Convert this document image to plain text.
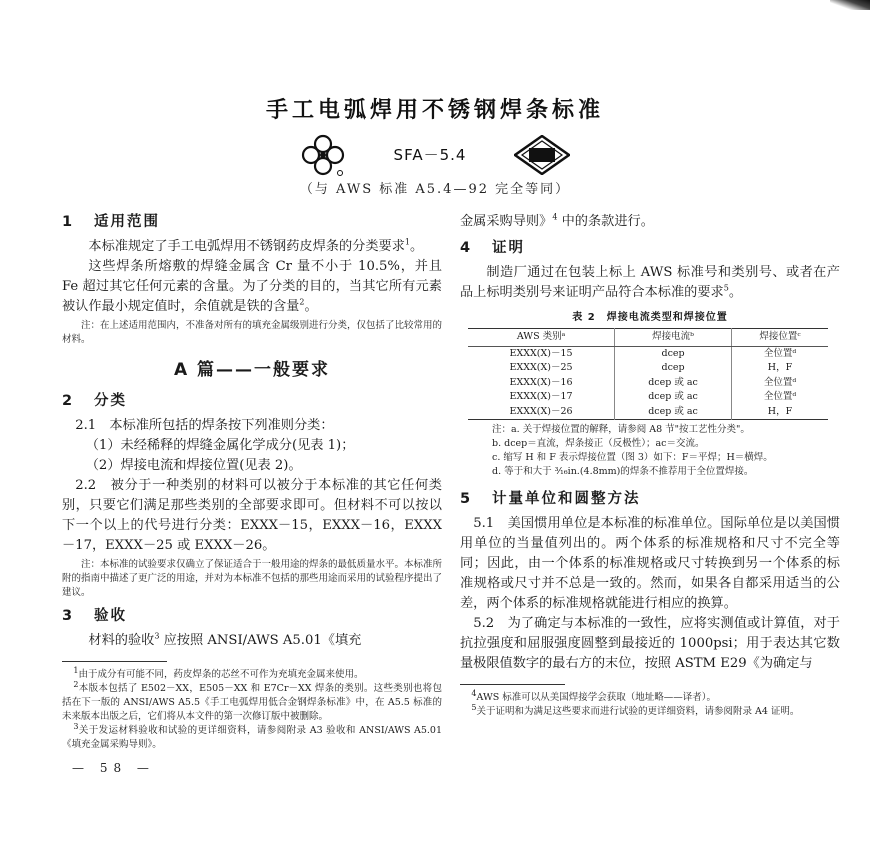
手工电弧焊用不锈钢焊条标准
SFA－5.4
（与 AWS 标准 A5.4—92 完全等同）
1 适用范围

本标准规定了手工电弧焊用不锈钢药皮焊条的分类要求$^1$。

这些焊条所熔敷的焊缝金属含 Cr 量不小于 10.5%，并且 Fe 超过其它任何元素的含量。为了分类的目的，当其它所有元素被认作最小规定值时，余值就是铁的含量$^2$。

注：在上述适用范围内，不准备对所有的填充金属级别进行分类，仅包括了比较常用的材料。

A 篇——一般要求
2 分类

2.1　本标准所包括的焊条按下列准则分类：

（1）未经稀释的焊缝金属化学成分(见表 1)；

（2）焊接电流和焊接位置(见表 2)。

2.2　被分于一种类别的材料可以被分于本标准的其它任何类别，只要它们满足那些类别的全部要求即可。但材料不可以按以下一个以上的代号进行分类：EXXX－15，EXXX－16，EXXX－17，EXXX－25 或 EXXX－26。

注：本标准的试验要求仅确立了保证适合于一般用途的焊条的最低质量水平。本标准所附的指南中描述了更广泛的用途，并对为本标准不包括的那些用途而采用的试验程序提出了建议。

3 验收

材料的验收$^3$ 应按照 ANSI/AWS A5.01《填充

$^1$由于成分有可能不同，药皮焊条的芯丝不可作为充填充金属来使用。

$^2$本版本包括了 E502－XX，E505－XX 和 E7Cr－XX 焊条的类别。这些类别也将包括在下一版的 ANSI/AWS A5.5《手工电弧焊用低合金钢焊条标准》中，在 A5.5 标准的未来版本出版之后，它们将从本文件的第一次修订版中被删除。

$^3$关于发运材料验收和试验的更详细资料，请参阅附录 A3 验收和 ANSI/AWS A5.01《填充金属采购导则》。

— 58 —

金属采购导则》$^4$ 中的条款进行。

4 证明

制造厂通过在包装上标上 AWS 标准号和类别号、或者在产品上标明类别号来证明产品符合本标准的要求$^5$。

表 2　焊接电流类型和焊接位置
AWS 类别ᵃ	焊接电流ᵇ	焊接位置ᶜ
EXXX(X)－15	dcep	全位置ᵈ
EXXX(X)－25	dcep	H，F
EXXX(X)－16	dcep 或 ac	全位置ᵈ
EXXX(X)－17	dcep 或 ac	全位置ᵈ
EXXX(X)－26	dcep 或 ac	H，F
注：a. 关于焊接位置的解释，请参阅 A8 节"按工艺性分类"。
b. dcep＝直流，焊条接正（反极性）；ac＝交流。
c. 缩写 H 和 F 表示焊接位置（图 3）如下：F＝平焊；H＝横焊。
d. 等于和大于 ³⁄₁₆in.(4.8mm)的焊条不推荐用于全位置焊接。
5 计量单位和圆整方法

5.1　美国惯用单位是本标准的标准单位。国际单位是以美国惯用单位的当量值列出的。两个体系的标准规格和尺寸不完全等同；因此，由一个体系的标准规格或尺寸转换到另一个体系的标准规格或尺寸并不总是一致的。然而，如果各自都采用适当的公差，两个体系的标准规格就能进行相应的换算。

5.2　为了确定与本标准的一致性，应将实测值或计算值，对于抗拉强度和屈服强度圆整到最接近的 1000psi；用于表达其它数量极限值数字的最右方的末位，按照 ASTM E29《为确定与

$^4$AWS 标准可以从美国焊接学会获取（地址略——译者）。

$^5$关于证明和为满足这些要求而进行试验的更详细资料，请参阅附录 A4 证明。
